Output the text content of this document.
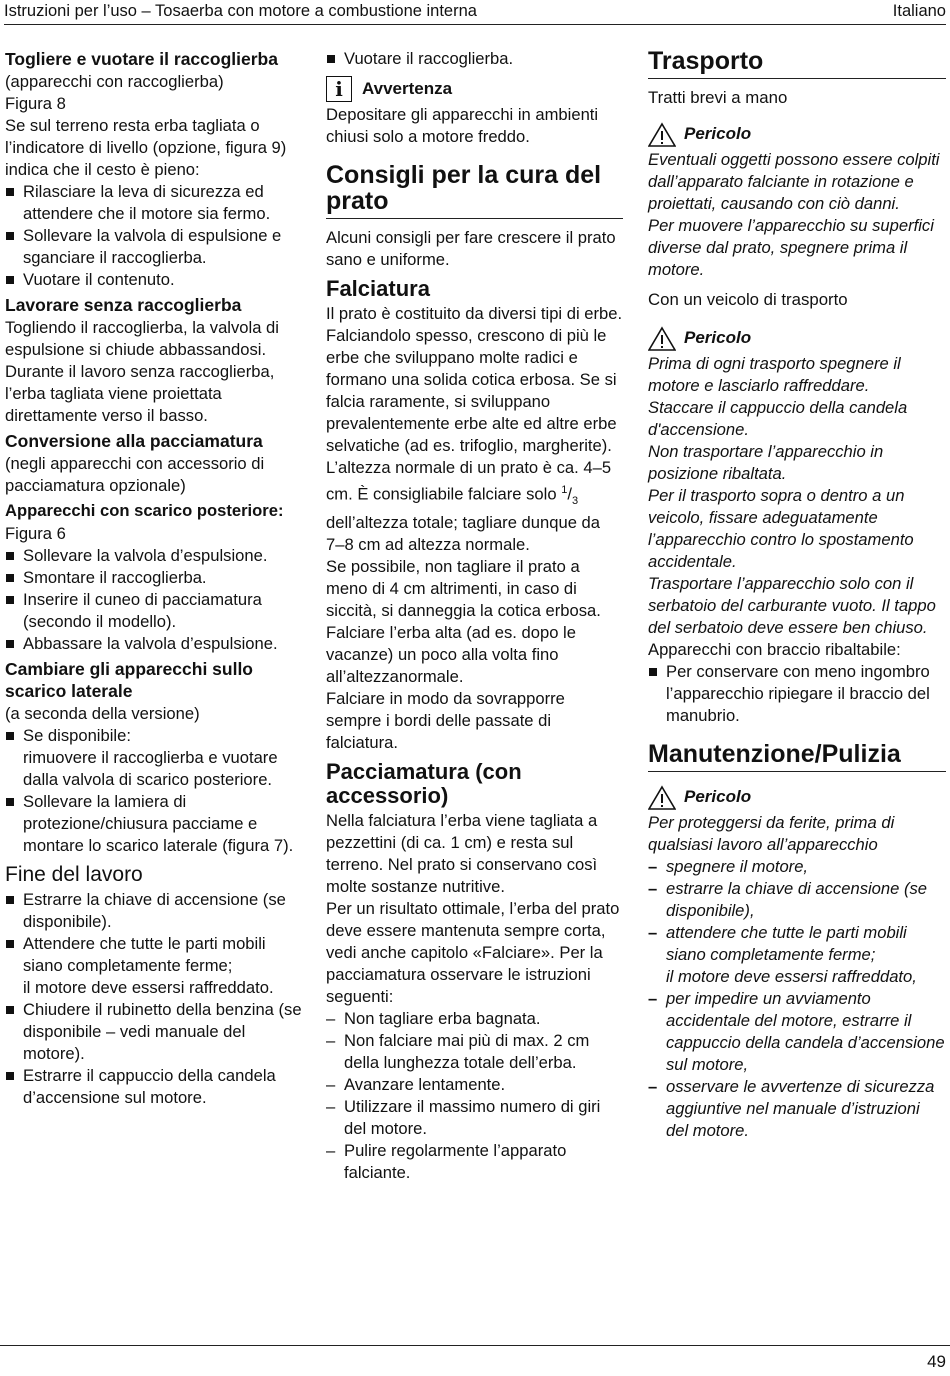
Istruzioni per l’uso – Tosaerba con motore a combustione interna	Italiano
Togliere e vuotare il raccoglierba

(apparecchi con raccoglierba)

Figura 8

Se sul terreno resta erba tagliata o l’indicatore di livello (opzione, figura 9) indica che il cesto è pieno:

Rilasciare la leva di sicurezza ed attendere che il motore sia fermo.
Sollevare la valvola di espulsione e sganciare il raccoglierba.
Vuotare il contenuto.
Lavorare senza raccoglierba

Togliendo il raccoglierba, la valvola di espulsione si chiude abbassandosi. Durante il lavoro senza raccoglierba, l’erba tagliata viene proiettata direttamente verso il basso.

Conversione alla pacciamatura

(negli apparecchi con accessorio di pacciamatura opzionale)

Apparecchi con scarico posteriore:

Figura 6

Sollevare la valvola d’espulsione.
Smontare il raccoglierba.
Inserire il cuneo di pacciamatura (secondo il modello).
Abbassare la valvola d’espulsione.
Cambiare gli apparecchi sullo scarico laterale

(a seconda della versione)

Se disponibile:
rimuovere il raccoglierba e vuotare dalla valvola di scarico posteriore.
Sollevare la lamiera di protezione/chiusura pacciame e montare lo scarico laterale (figura 7).
Fine del lavoro
Estrarre la chiave di accensione (se disponibile).
Attendere che tutte le parti mobili siano completamente ferme;
il motore deve essersi raffreddato.
Chiudere il rubinetto della benzina (se disponibile – vedi manuale del motore).
Estrarre il cappuccio della candela d’accensione sul motore.
Vuotare il raccoglierba.
i	Avvertenza

Depositare gli apparecchi in ambienti chiusi solo a motore freddo.

Consigli per la cura del prato

Alcuni consigli per fare crescere il prato sano e uniforme.

Falciatura

Il prato è costituito da diversi tipi di erbe. Falciandolo spesso, crescono di più le erbe che sviluppano molte radici e formano una solida cotica erbosa. Se si falcia raramente, si sviluppano prevalentemente erbe alte ed altre erbe selvatiche (ad es. trifoglio, margherite).

L’altezza normale di un prato è ca. 4–5 cm. È consigliabile falciare solo $^1/_3$ dell’altezza totale; tagliare dunque da 7–8 cm ad altezza normale.

Se possibile, non tagliare il prato a meno di 4 cm altrimenti, in caso di siccità, si danneggia la cotica erbosa.

Falciare l’erba alta (ad es. dopo le vacanze) un poco alla volta fino all’altezzanormale.

Falciare in modo da sovrapporre sempre i bordi delle passate di falciatura.

Pacciamatura (con accessorio)

Nella falciatura l’erba viene tagliata a pezzettini (di ca. 1 cm) e resta sul terreno. Nel prato si conservano così molte sostanze nutritive.

Per un risultato ottimale, l’erba del prato deve essere mantenuta sempre corta, vedi anche capitolo «Falciare». Per la pacciamatura osservare le istruzioni seguenti:

– Non tagliare erba bagnata.
– Non falciare mai più di max. 2 cm della lunghezza totale dell’erba.
– Avanzare lentamente.
– Utilizzare il massimo numero di giri del motore.
– Pulire regolarmente l’apparato falciante.
Trasporto
Tratti brevi a mano
Pericolo

Eventuali oggetti possono essere colpiti dall’apparato falciante in rotazione e proiettati, causando con ciò danni.

Per muovere l’apparecchio su superfici diverse dal prato, spegnere prima il motore.

Con un veicolo di trasporto
Pericolo

Prima di ogni trasporto spegnere il motore e lasciarlo raffreddare.

Staccare il cappuccio della candela d'accensione.

Non trasportare l’apparecchio in posizione ribaltata.

Per il trasporto sopra o dentro a un veicolo, fissare adeguatamente l’apparecchio contro lo spostamento accidentale.

Trasportare l’apparecchio solo con il serbatoio del carburante vuoto. Il tappo del serbatoio deve essere ben chiuso.

Apparecchi con braccio ribaltabile:

Per conservare con meno ingombro l’apparecchio ripiegare il braccio del manubrio.
Manutenzione/Pulizia
Pericolo

Per proteggersi da ferite, prima di qualsiasi lavoro all’apparecchio

– spegnere il motore,
– estrarre la chiave di accensione (se disponibile),
– attendere che tutte le parti mobili siano completamente ferme;
il motore deve essersi raffreddato,
– per impedire un avviamento accidentale del motore, estrarre il cappuccio della candela d’accensione sul motore,
– osservare le avvertenze di sicurezza aggiuntive nel manuale d’istruzioni del motore.
49
